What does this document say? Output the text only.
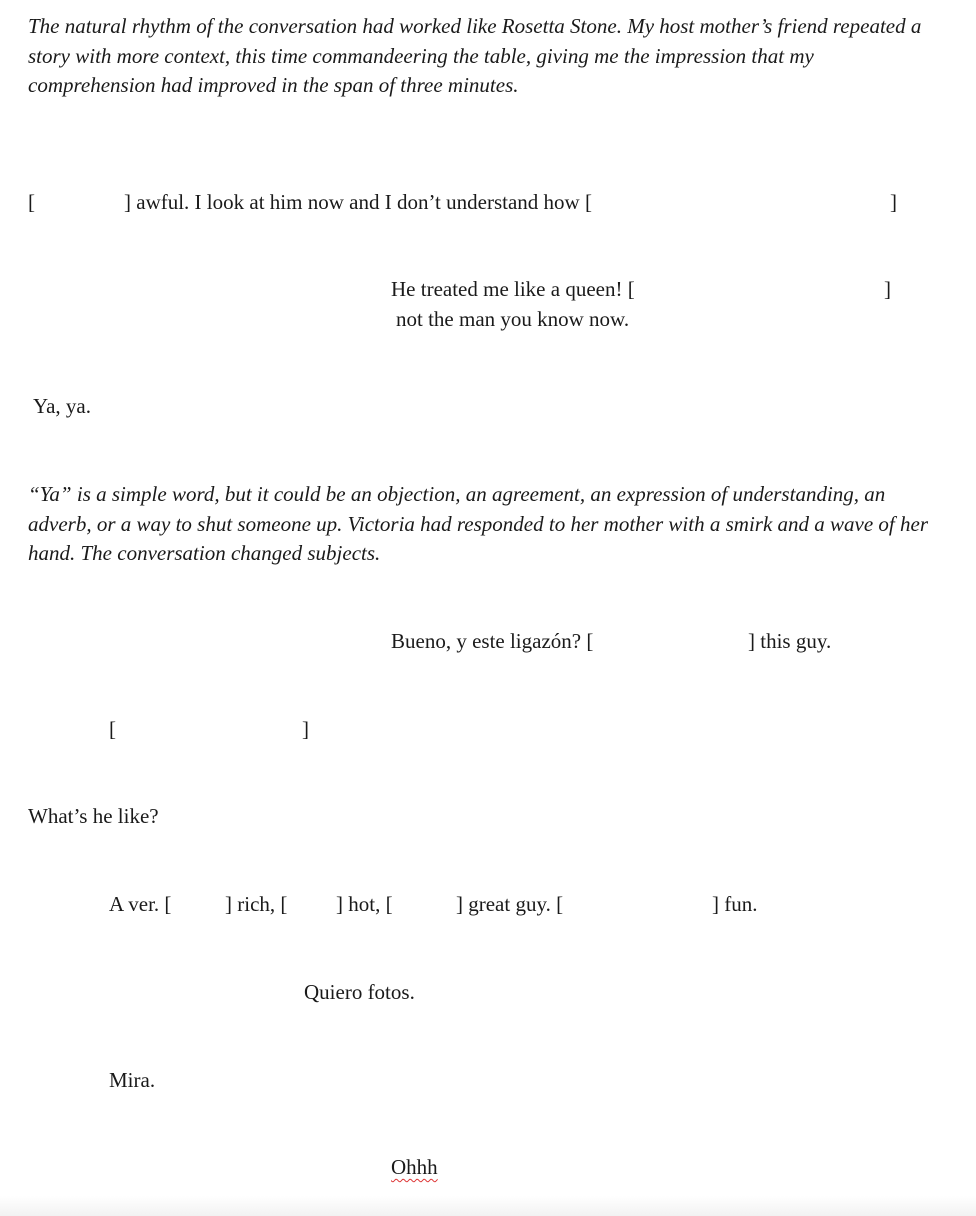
The natural rhythm of the conversation had worked like Rosetta Stone. My host mother’s friend repeated a story with more context, this time commandeering the table, giving me the impression that my comprehension had improved in the span of three minutes.

[	] awful. I look at him now and I don’t understand how [	]
He treated me like a queen! [	]
not the man you know now.
Ya, ya.

“Ya” is a simple word, but it could be an objection, an agreement, an expression of understanding, an adverb, or a way to shut someone up. Victoria had responded to her mother with a smirk and a wave of her hand. The conversation changed subjects.

Bueno, y este ligazón? [	] this guy.
[	]
What’s he like?
A ver. [	] rich, [ ] hot, [	] great guy. [	] fun.
Quiero fotos.
Mira.
Ohhh
